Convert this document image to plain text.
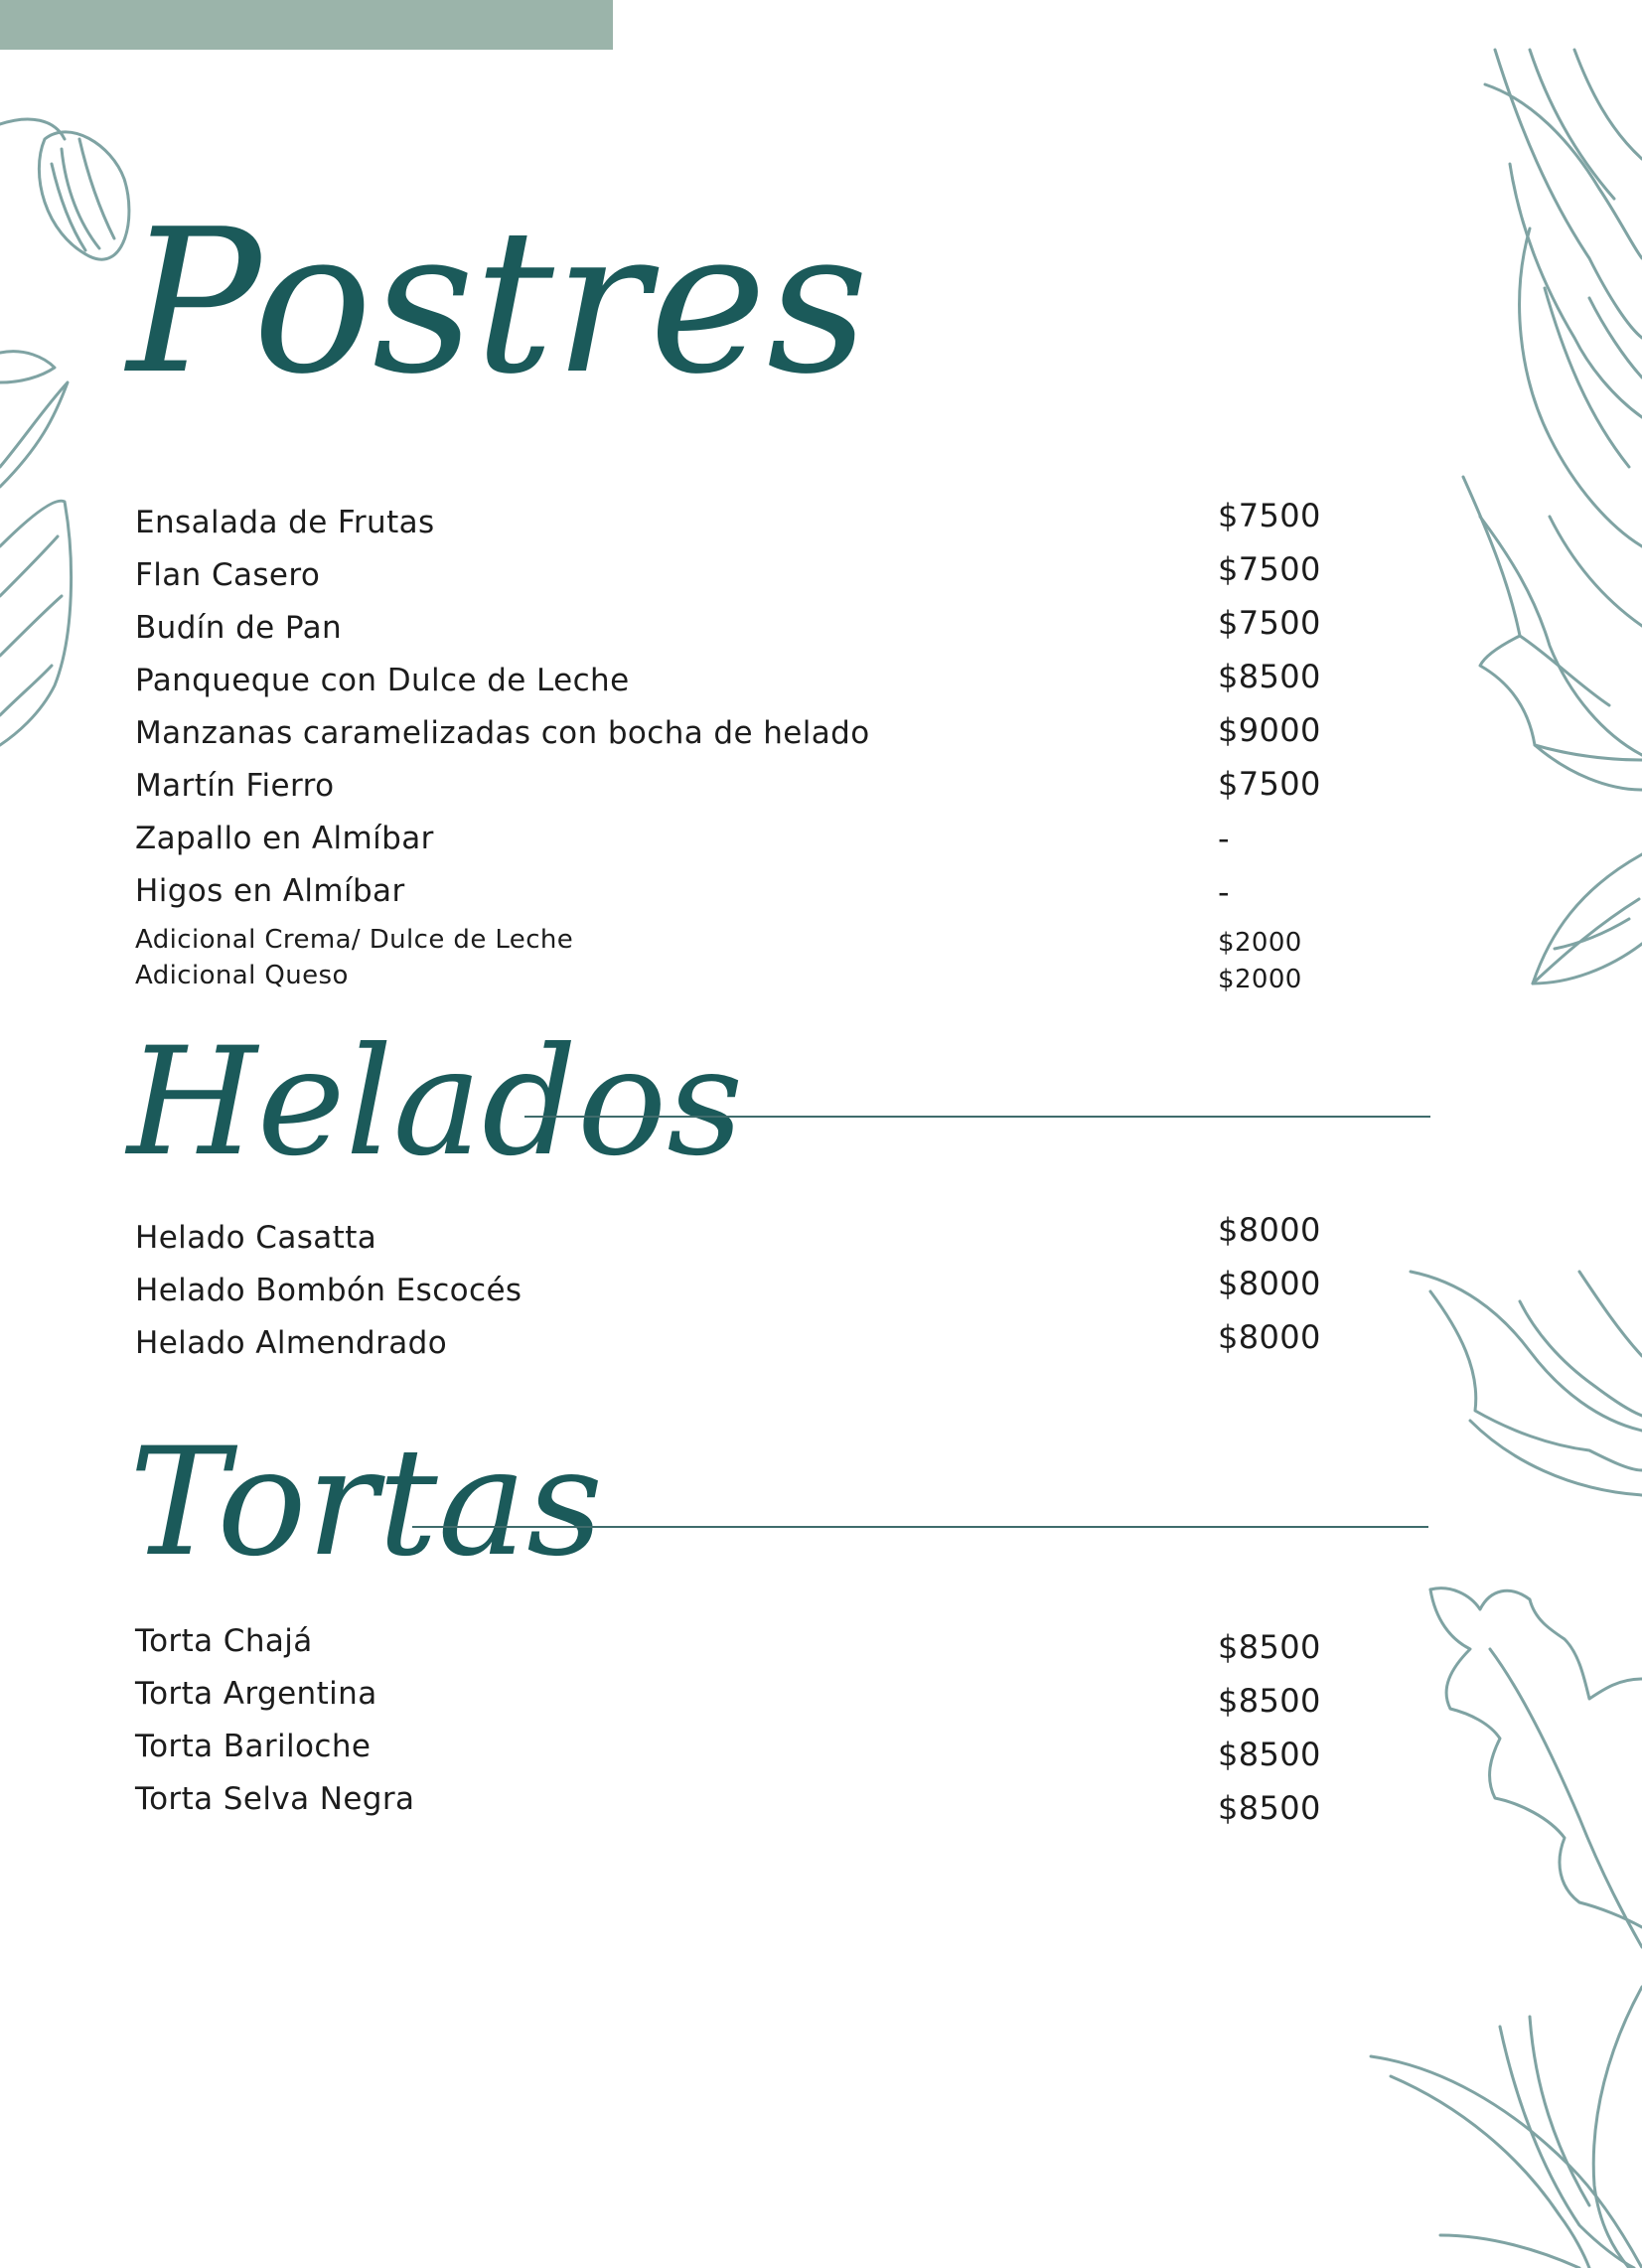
Postres
Helados
Tortas
Ensalada de Frutas	$7500
Flan Casero	$7500
Budín de Pan	$7500
Panqueque con Dulce de Leche	$8500
Manzanas caramelizadas con bocha de helado	$9000
Martín Fierro	$7500
Zapallo en Almíbar	-
Higos en Almíbar	-
Adicional Crema/ Dulce de Leche	$2000
Adicional Queso	$2000
Helado Casatta	$8000
Helado Bombón Escocés	$8000
Helado Almendrado	$8000
Torta Chajá	$8500
Torta Argentina	$8500
Torta Bariloche	$8500
Torta Selva Negra	$8500
